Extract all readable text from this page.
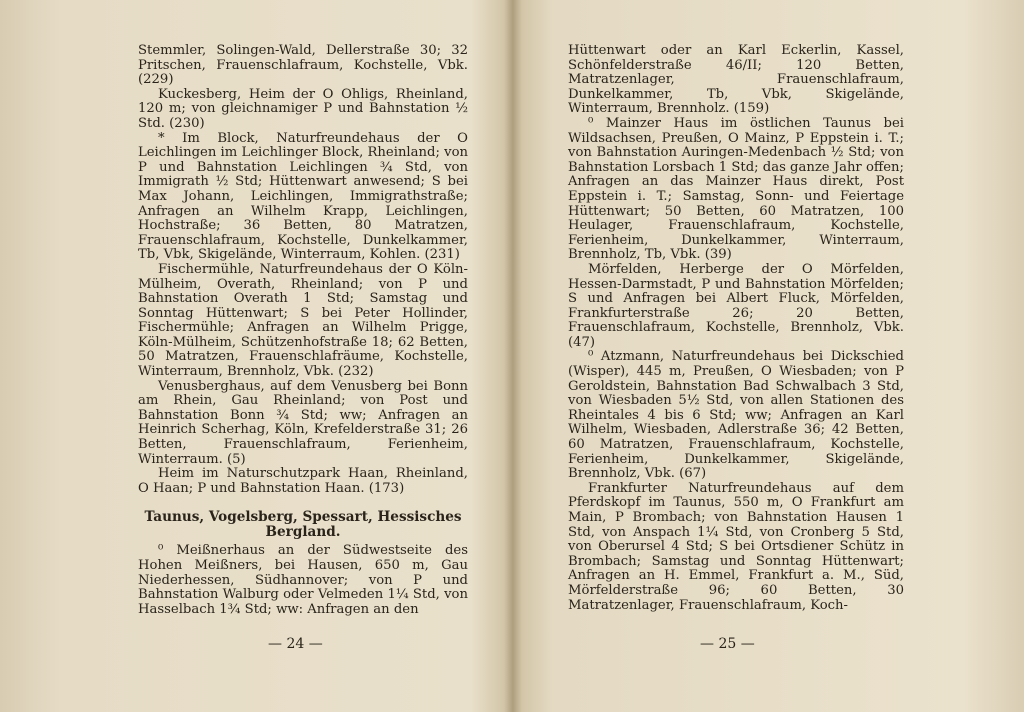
Stemmler, Solingen-Wald, Dellerstraße 30; 32 Pritschen, Frauenschlafraum, Kochstelle, Vbk. (229)

Kuckesberg, Heim der O Ohligs, Rheinland, 120 m; von gleichnamiger P und Bahnstation ½ Std. (230)

* Im Block, Naturfreundehaus der O Leichlingen im Leichlinger Block, Rheinland; von P und Bahnstation Leichlingen ¾ Std, von Immigrath ½ Std; Hüttenwart anwesend; S bei Max Johann, Leichlingen, Immigrathstraße; Anfragen an Wilhelm Krapp, Leichlingen, Hochstraße; 36 Betten, 80 Matratzen, Frauenschlafraum, Kochstelle, Dunkelkammer, Tb, Vbk, Skigelände, Winterraum, Kohlen. (231)

Fischermühle, Naturfreundehaus der O Köln-Mülheim, Overath, Rheinland; von P und Bahnstation Overath 1 Std; Samstag und Sonntag Hüttenwart; S bei Peter Hollinder, Fischermühle; Anfragen an Wilhelm Prigge, Köln-Mülheim, Schützenhofstraße 18; 62 Betten, 50 Matratzen, Frauenschlafräume, Kochstelle, Winterraum, Brennholz, Vbk. (232)

Venusberghaus, auf dem Venusberg bei Bonn am Rhein, Gau Rheinland; von Post und Bahnstation Bonn ¾ Std; ww; Anfragen an Heinrich Scherhag, Köln, Krefelderstraße 31; 26 Betten, Frauenschlafraum, Ferienheim, Winterraum. (5)

Heim im Naturschutzpark Haan, Rheinland, O Haan; P und Bahnstation Haan. (173)

Taunus, Vogelsberg, Spessart, Hessisches Bergland.

⁰ Meißnerhaus an der Südwestseite des Hohen Meißners, bei Hausen, 650 m, Gau Niederhessen, Südhannover; von P und Bahnstation Walburg oder Velmeden 1¼ Std, von Hasselbach 1¾ Std; ww: Anfragen an den

— 24 —

Hüttenwart oder an Karl Eckerlin, Kassel, Schönfelderstraße 46/II; 120 Betten, Matratzenlager, Frauenschlafraum, Dunkelkammer, Tb, Vbk, Skigelände, Winterraum, Brennholz. (159)

⁰ Mainzer Haus im östlichen Taunus bei Wildsachsen, Preußen, O Mainz, P Eppstein i. T.; von Bahnstation Auringen-Medenbach ½ Std; von Bahnstation Lorsbach 1 Std; das ganze Jahr offen; Anfragen an das Mainzer Haus direkt, Post Eppstein i. T.; Samstag, Sonn- und Feiertage Hüttenwart; 50 Betten, 60 Matratzen, 100 Heulager, Frauenschlafraum, Kochstelle, Ferienheim, Dunkelkammer, Winterraum, Brennholz, Tb, Vbk. (39)

Mörfelden, Herberge der O Mörfelden, Hessen-Darmstadt, P und Bahnstation Mörfelden; S und Anfragen bei Albert Fluck, Mörfelden, Frankfurterstraße 26; 20 Betten, Frauenschlafraum, Kochstelle, Brennholz, Vbk. (47)

⁰ Atzmann, Naturfreundehaus bei Dickschied (Wisper), 445 m, Preußen, O Wiesbaden; von P Geroldstein, Bahnstation Bad Schwalbach 3 Std, von Wiesbaden 5½ Std, von allen Stationen des Rheintales 4 bis 6 Std; ww; Anfragen an Karl Wilhelm, Wiesbaden, Adlerstraße 36; 42 Betten, 60 Matratzen, Frauenschlafraum, Kochstelle, Ferienheim, Dunkelkammer, Skigelände, Brennholz, Vbk. (67)

Frankfurter Naturfreundehaus auf dem Pferdskopf im Taunus, 550 m, O Frankfurt am Main, P Brombach; von Bahnstation Hausen 1 Std, von Anspach 1¼ Std, von Cronberg 5 Std, von Oberursel 4 Std; S bei Ortsdiener Schütz in Brombach; Samstag und Sonntag Hüttenwart; Anfragen an H. Emmel, Frankfurt a. M., Süd, Mörfelderstraße 96; 60 Betten, 30 Matratzenlager, Frauenschlafraum, Koch-

— 25 —
